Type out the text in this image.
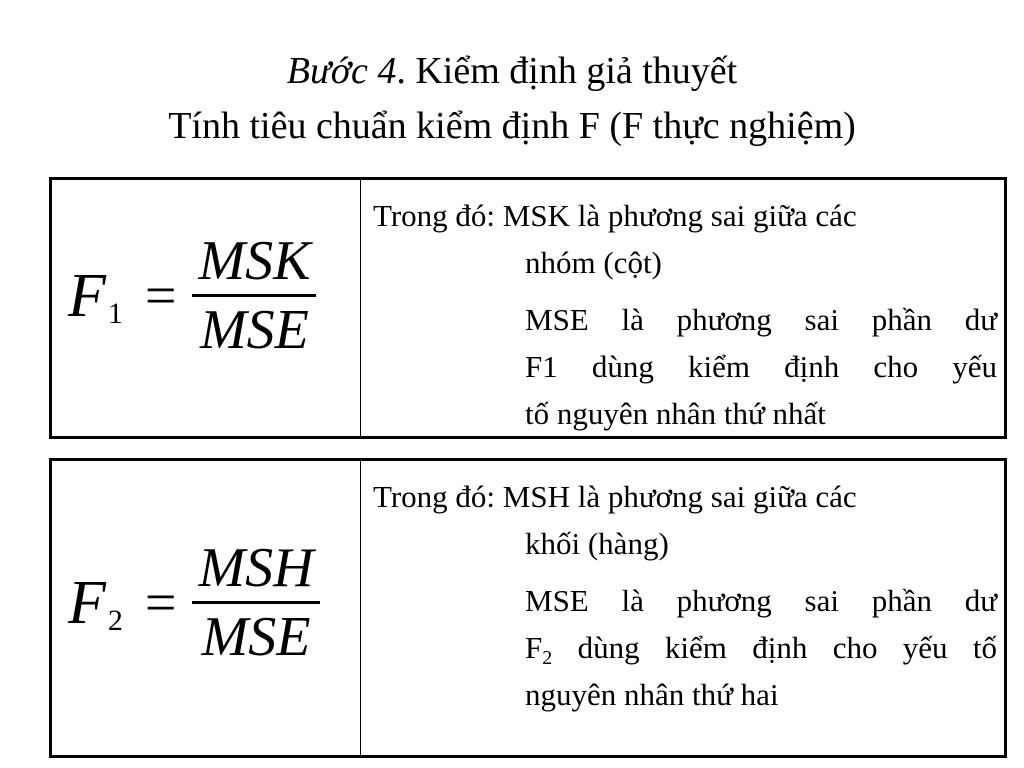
Bước 4. Kiểm định giả thuyết
Tính tiêu chuẩn kiểm định F (F thực nghiệm)
F $1 = \frac{\text{MSK}}{\text{MSE}}$
Trong đó: MSK là phương sai giữa các
nhóm (cột)
MSE là phương sai phần dư
F1 dùng kiểm định cho yếu
tố nguyên nhân thứ nhất
F $2 = \frac{\text{MSH}}{\text{MSE}}$
Trong đó: MSH là phương sai giữa các
khối (hàng)
MSE là phương sai phần dư
$F_2$ dùng kiểm định cho yếu tố
nguyên nhân thứ hai
